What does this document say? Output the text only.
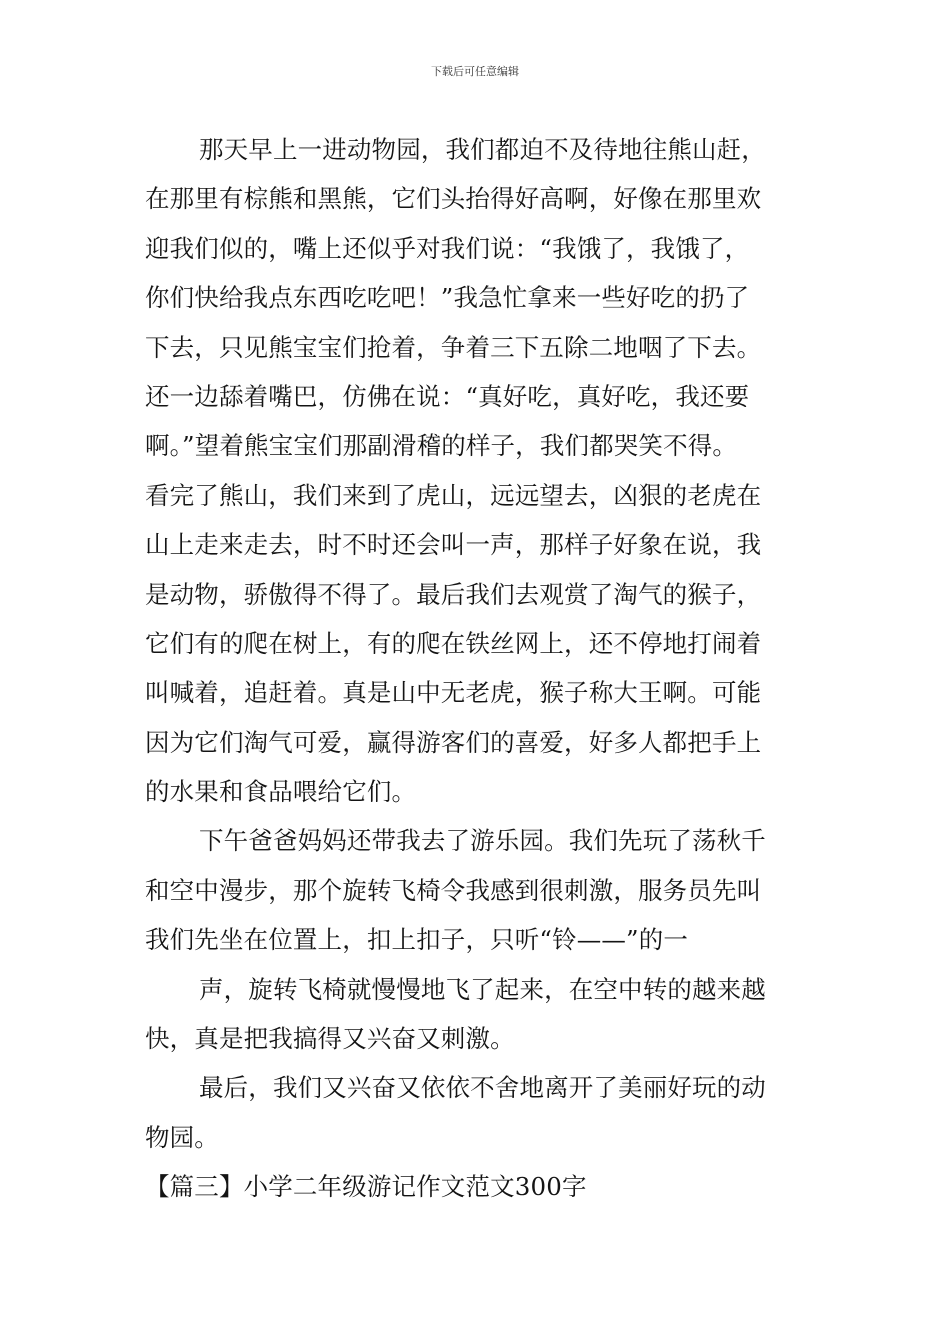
下载后可任意编辑
那天早上一进动物园，我们都迫不及待地往熊山赶，
在那里有棕熊和黑熊，它们头抬得好高啊，好像在那里欢
迎我们似的，嘴上还似乎对我们说：“我饿了，我饿了，
你们快给我点东西吃吃吧！”我急忙拿来一些好吃的扔了
下去，只见熊宝宝们抢着，争着三下五除二地咽了下去。
还一边舔着嘴巴，仿佛在说：“真好吃，真好吃，我还要
啊。”望着熊宝宝们那副滑稽的样子，我们都哭笑不得。
看完了熊山，我们来到了虎山，远远望去，凶狠的老虎在
山上走来走去，时不时还会叫一声，那样子好象在说，我
是动物，骄傲得不得了。最后我们去观赏了淘气的猴子，
它们有的爬在树上，有的爬在铁丝网上，还不停地打闹着
叫喊着，追赶着。真是山中无老虎，猴子称大王啊。可能
因为它们淘气可爱，赢得游客们的喜爱，好多人都把手上
的水果和食品喂给它们。
下午爸爸妈妈还带我去了游乐园。我们先玩了荡秋千
和空中漫步，那个旋转飞椅令我感到很刺激，服务员先叫
我们先坐在位置上，扣上扣子，只听“铃——”的一
声，旋转飞椅就慢慢地飞了起来，在空中转的越来越
快，真是把我搞得又兴奋又刺激。
最后，我们又兴奋又依依不舍地离开了美丽好玩的动
物园。
【篇三】小学二年级游记作文范文300字
